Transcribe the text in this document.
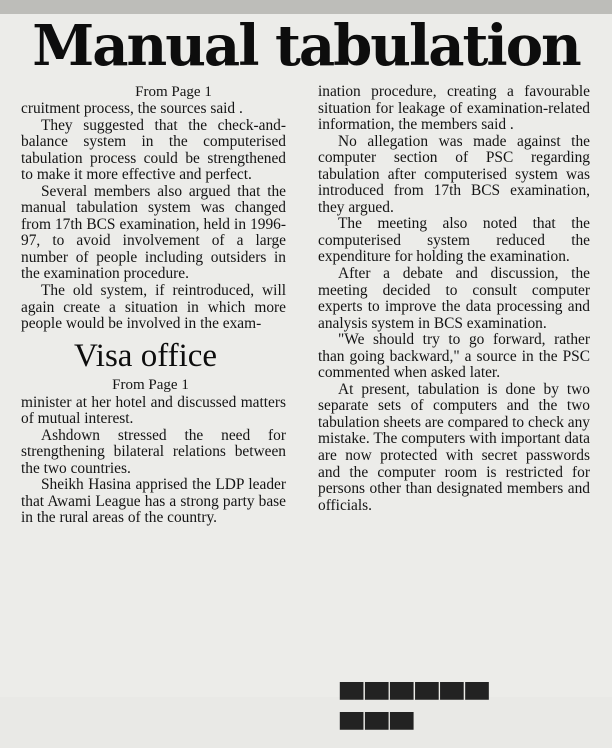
Manual tabulation

From Page 1

cruitment process, the sources said .

They suggested that the check-and-balance system in the computerised tabulation process could be strengthened to make it more effective and perfect.

Several members also argued that the manual tabulation system was changed from 17th BCS examination, held in 1996-97, to avoid involvement of a large number of people including outsiders in the examination procedure.

The old system, if reintroduced, will again create a situation in which more people would be involved in the exam-

Visa office

From Page 1

minister at her hotel and discussed matters of mutual interest.

Ashdown stressed the need for strengthening bilateral relations between the two countries.

Sheikh Hasina apprised the LDP leader that Awami League has a strong party base in the rural areas of the country.

ination procedure, creating a favourable situation for leakage of examination-related information, the members said .

No allegation was made against the computer section of PSC regarding tabulation after computerised system was introduced from 17th BCS examination, they argued.

The meeting also noted that the computerised system reduced the expenditure for holding the examination.

After a debate and discussion, the meeting decided to consult computer experts to improve the data processing and analysis system in BCS examination.

"We should try to go forward, rather than going backward," a source in the PSC commented when asked later.

At present, tabulation is done by two separate sets of computers and the two tabulation sheets are compared to check any mistake. The computers with important data are now protected with secret passwords and the computer room is restricted for persons other than designated members and officials.

▀▀▀▀▀▀ ▀▀▀
